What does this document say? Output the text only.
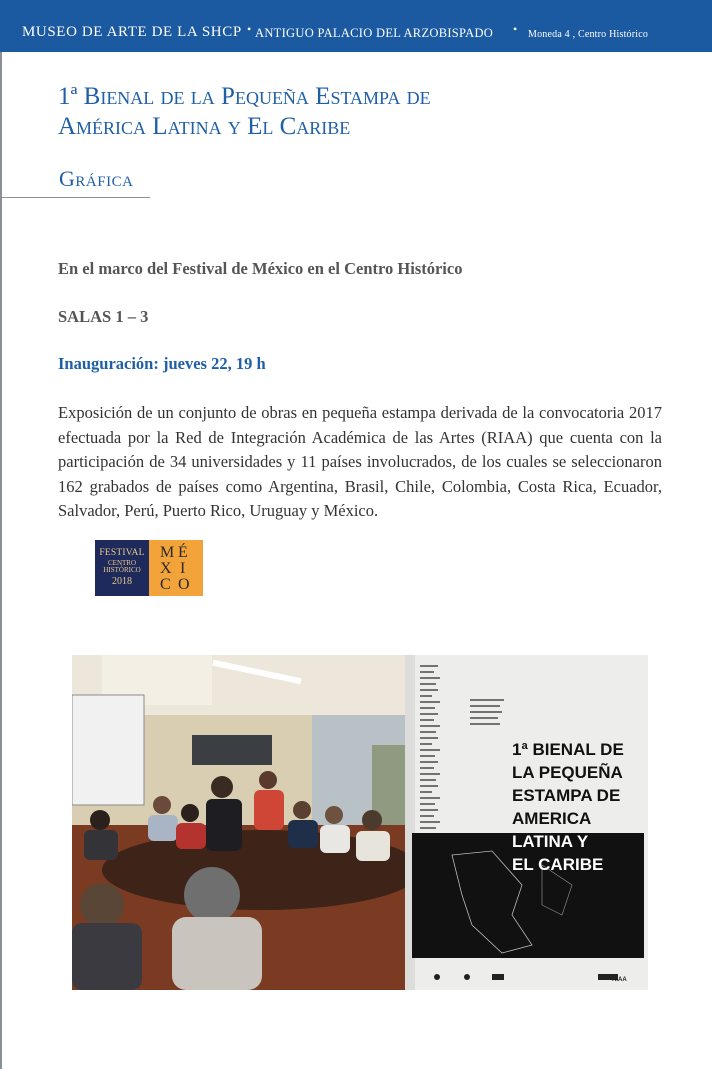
MUSEO DE ARTE DE LA SHCP • ANTIGUO PALACIO DEL ARZOBISPADO • Moneda 4 , Centro Histórico
1ª Bienal de la Pequeña Estampa de
América Latina y El Caribe
Gráfica
En el marco del Festival de México en el Centro Histórico
SALAS 1 – 3
Inauguración: jueves 22, 19 h

Exposición de un conjunto de obras en pequeña estampa derivada de la convocatoria 2017 efectuada por la Red de Integración Académica de las Artes (RIAA) que cuenta con la participación de 34 universidades y 11 países involucrados, de los cuales se seleccionaron 162 grabados de países como Argentina, Brasil, Chile, Colombia, Costa Rica, Ecuador, Salvador, Perú, Puerto Rico, Uruguay y México.

FESTIVAL
CENTRO
HISTÓRICO
2018
M É
X I
C O
1ª BIENAL DE
LA PEQUEÑA
ESTAMPA DE
AMERICA
LATINA Y
EL CARIBE
RIAA
